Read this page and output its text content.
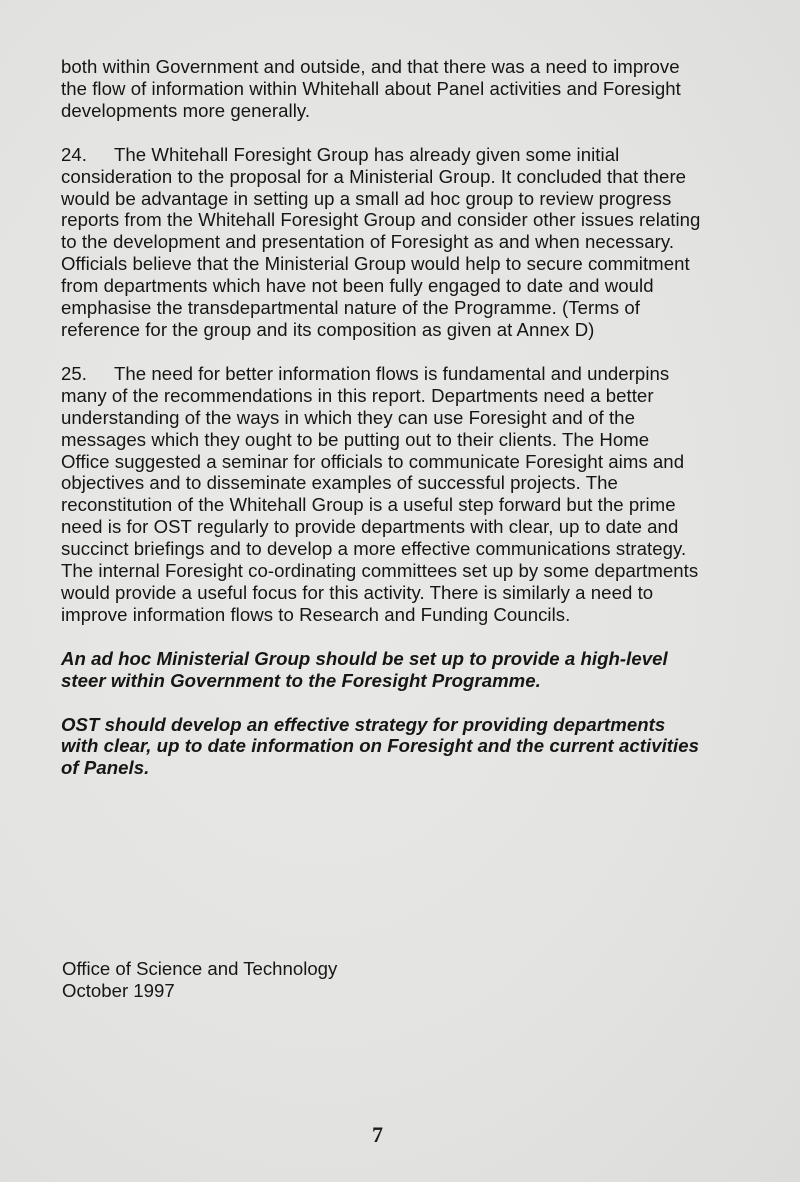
both within Government and outside, and that there was a need to improve the flow of information within Whitehall about Panel activities and Foresight developments more generally.

24. The Whitehall Foresight Group has already given some initial consideration to the proposal for a Ministerial Group. It concluded that there would be advantage in setting up a small ad hoc group to review progress reports from the Whitehall Foresight Group and consider other issues relating to the development and presentation of Foresight as and when necessary. Officials believe that the Ministerial Group would help to secure commitment from departments which have not been fully engaged to date and would emphasise the transdepartmental nature of the Programme. (Terms of reference for the group and its composition as given at Annex D)

25. The need for better information flows is fundamental and underpins many of the recommendations in this report. Departments need a better understanding of the ways in which they can use Foresight and of the messages which they ought to be putting out to their clients. The Home Office suggested a seminar for officials to communicate Foresight aims and objectives and to disseminate examples of successful projects. The reconstitution of the Whitehall Group is a useful step forward but the prime need is for OST regularly to provide departments with clear, up to date and succinct briefings and to develop a more effective communications strategy. The internal Foresight co-ordinating committees set up by some departments would provide a useful focus for this activity. There is similarly a need to improve information flows to Research and Funding Councils.

An ad hoc Ministerial Group should be set up to provide a high-level steer within Government to the Foresight Programme.

OST should develop an effective strategy for providing departments with clear, up to date information on Foresight and the current activities of Panels.

Office of Science and Technology
October 1997
7
